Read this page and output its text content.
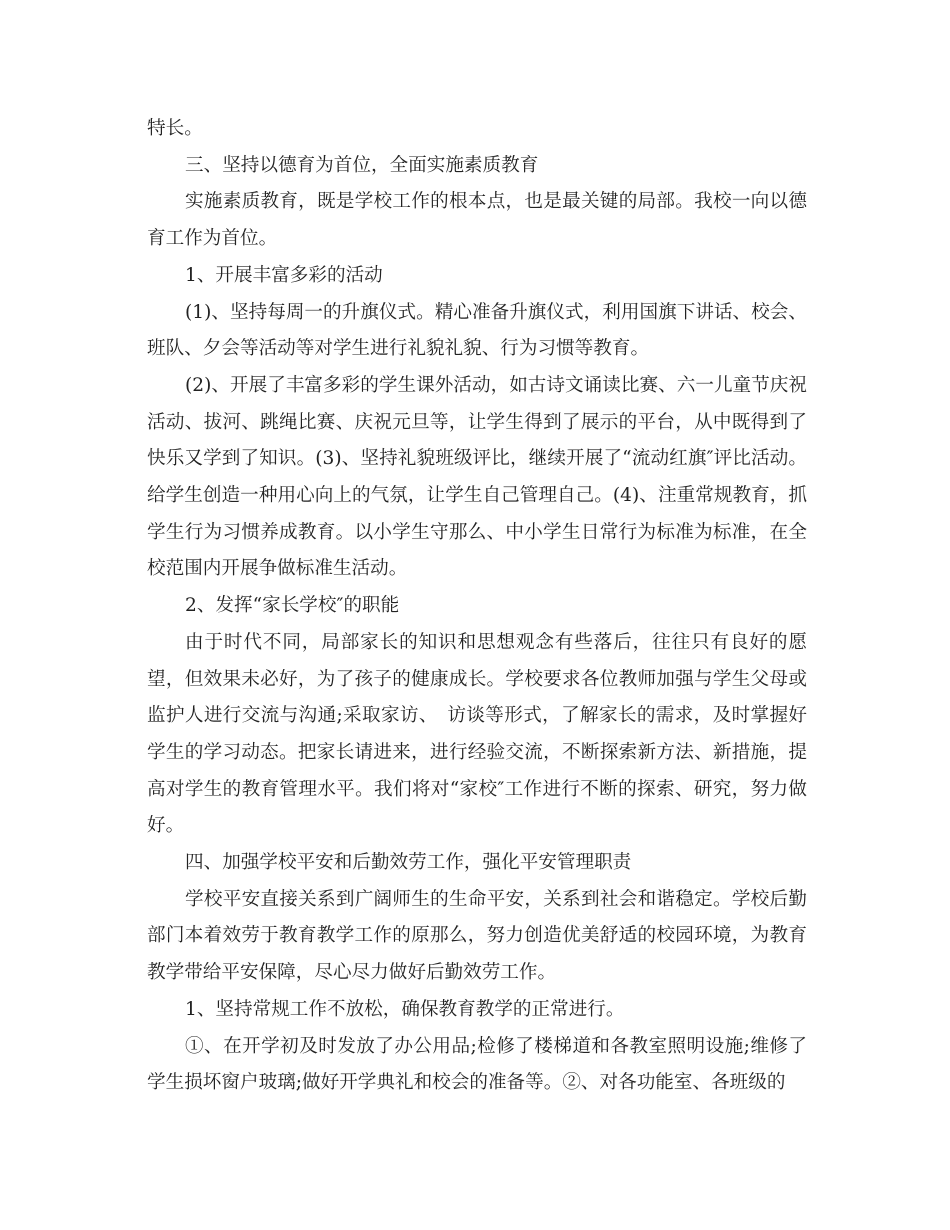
特长。

三、坚持以德育为首位，全面实施素质教育

实施素质教育，既是学校工作的根本点，也是最关键的局部。我校一向以德育工作为首位。

1、开展丰富多彩的活动

(1)、坚持每周一的升旗仪式。精心准备升旗仪式，利用国旗下讲话、校会、班队、夕会等活动等对学生进行礼貌礼貌、行为习惯等教育。

(2)、开展了丰富多彩的学生课外活动，如古诗文诵读比赛、六一儿童节庆祝活动、拔河、跳绳比赛、庆祝元旦等，让学生得到了展示的平台，从中既得到了快乐又学到了知识。(3)、坚持礼貌班级评比，继续开展了“流动红旗″评比活动。给学生创造一种用心向上的气氛，让学生自己管理自己。(4)、注重常规教育，抓学生行为习惯养成教育。以小学生守那么、中小学生日常行为标准为标准，在全校范围内开展争做标准生活动。

2、发挥“家长学校″的职能

由于时代不同，局部家长的知识和思想观念有些落后，往往只有良好的愿望，但效果未必好，为了孩子的健康成长。学校要求各位教师加强与学生父母或监护人进行交流与沟通;采取家访、　访谈等形式，了解家长的需求，及时掌握好学生的学习动态。把家长请进来，进行经验交流，不断探索新方法、新措施，提高对学生的教育管理水平。我们将对“家校″工作进行不断的探索、研究，努力做好。

四、加强学校平安和后勤效劳工作，强化平安管理职责

学校平安直接关系到广阔师生的生命平安，关系到社会和谐稳定。学校后勤部门本着效劳于教育教学工作的原那么，努力创造优美舒适的校园环境，为教育教学带给平安保障，尽心尽力做好后勤效劳工作。

1、坚持常规工作不放松，确保教育教学的正常进行。

①、在开学初及时发放了办公用品;检修了楼梯道和各教室照明设施;维修了学生损坏窗户玻璃;做好开学典礼和校会的准备等。②、对各功能室、各班级的
